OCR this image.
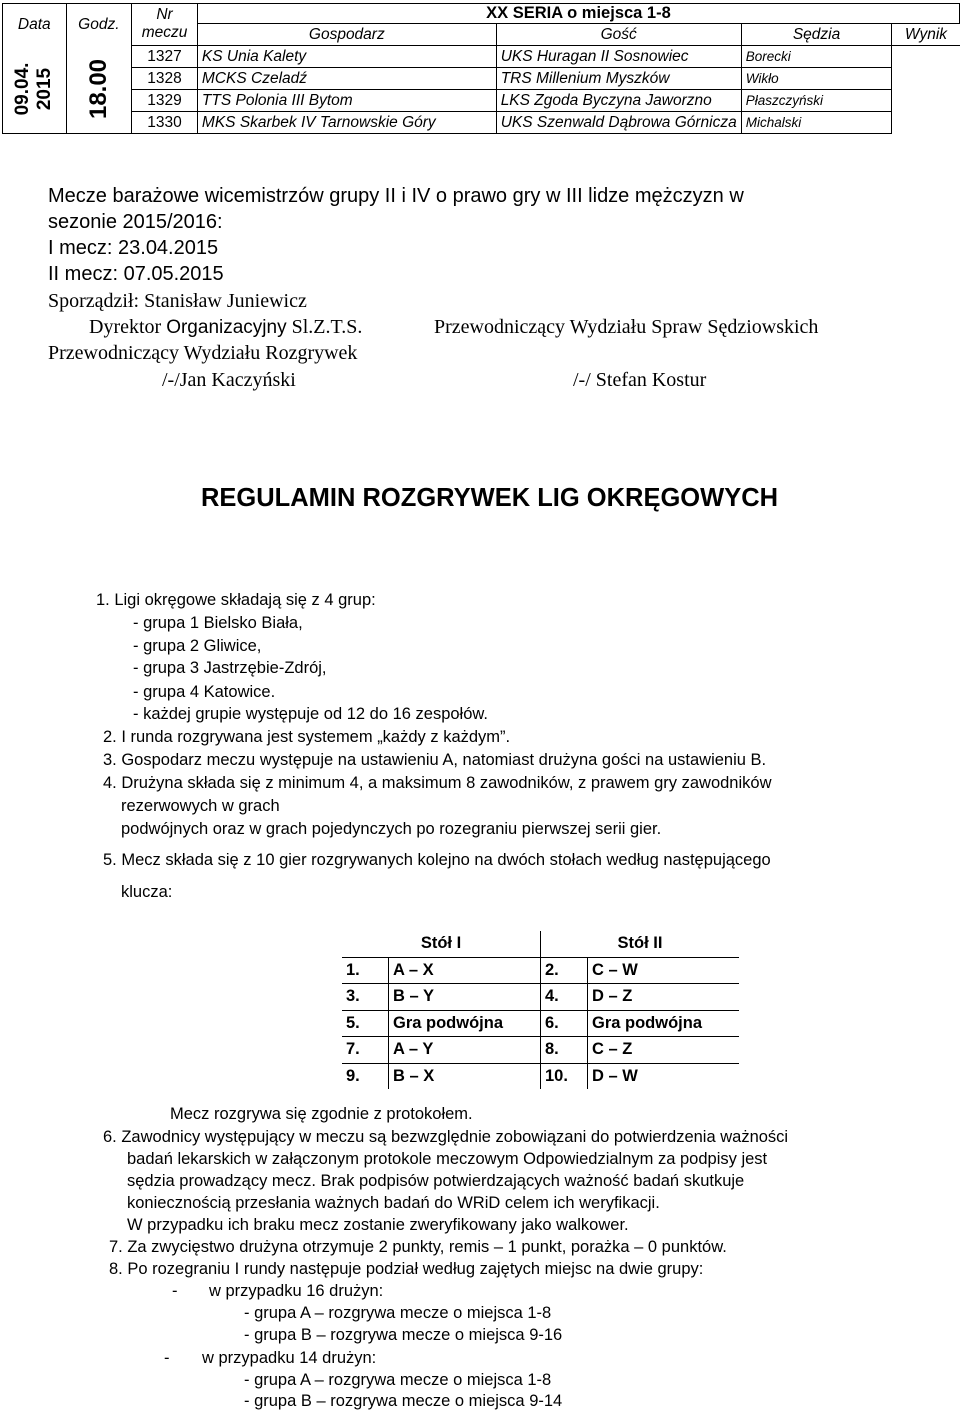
Data	Godz.	Nr	XX SERIA o miejsca 1-8			
		meczu	Gospodarz	Gość	Sędzia	Wynik

09.04.
2015	18.00	1327	KS Unia Kalety	UKS Huragan II Sosnowiec	Borecki	
		1328	MCKS Czeladź	TRS Millenium Myszków	Wikło	
		1329	TTS Polonia III Bytom	LKS Zgoda Byczyna Jaworzno	Płaszczyński	
		1330	MKS Skarbek IV Tarnowskie Góry	UKS Szenwald Dąbrowa Górnicza	Michalski	
Mecze barażowe wicemistrzów grupy II i IV o prawo gry w III lidze mężczyzn w
sezonie 2015/2016:
I mecz: 23.04.2015
II mecz: 07.05.2015
Sporządził: Stanisław Juniewicz
Dyrektor Organizacyjny Sl.Z.T.S.
Przewodniczący Wydziału Rozgrywek
/-/Jan Kaczyński
Przewodniczący Wydziału Spraw Sędziowskich
/-/ Stefan Kostur
REGULAMIN ROZGRYWEK LIG OKRĘGOWYCH
1. Ligi okręgowe składają się z 4 grup:
- grupa 1 Bielsko Biała,
- grupa 2 Gliwice,
- grupa 3 Jastrzębie-Zdrój,
- grupa 4 Katowice.
- każdej grupie występuje od 12 do 16 zespołów.
2. I runda rozgrywana jest systemem „każdy z każdym”.
3. Gospodarz meczu występuje na ustawieniu A, natomiast drużyna gości na ustawieniu B.
4. Drużyna składa się z minimum 4, a maksimum 8 zawodników, z prawem gry zawodników
rezerwowych w grach
podwójnych oraz w grach pojedynczych po rozegraniu pierwszej serii gier.
5. Mecz składa się z 10 gier rozgrywanych kolejno na dwóch stołach według następującego
klucza:
Stół I		Stół II	
1.	A – X	2.	C – W
3.	B – Y	4.	D – Z
5.	Gra podwójna	6.	Gra podwójna
7.	A – Y	8.	C – Z
9.	B – X	10.	D – W
Mecz rozgrywa się zgodnie z protokołem.
6. Zawodnicy występujący w meczu są bezwzględnie zobowiązani do potwierdzenia ważności
badań lekarskich w załączonym protokole meczowym Odpowiedzialnym za podpisy jest
sędzia prowadzący mecz. Brak podpisów potwierdzających ważność badań skutkuje
koniecznością przesłania ważnych badań do WRiD celem ich weryfikacji.
W przypadku ich braku mecz zostanie zweryfikowany jako walkower.
7. Za zwycięstwo drużyna otrzymuje 2 punkty, remis – 1 punkt, porażka – 0 punktów.
8. Po rozegraniu I rundy następuje podział według zajętych miejsc na dwie grupy:
- w przypadku 16 drużyn:
- grupa A – rozgrywa mecze o miejsca 1-8
- grupa B – rozgrywa mecze o miejsca 9-16
- w przypadku 14 drużyn:
- grupa A – rozgrywa mecze o miejsca 1-8
- grupa B – rozgrywa mecze o miejsca 9-14
